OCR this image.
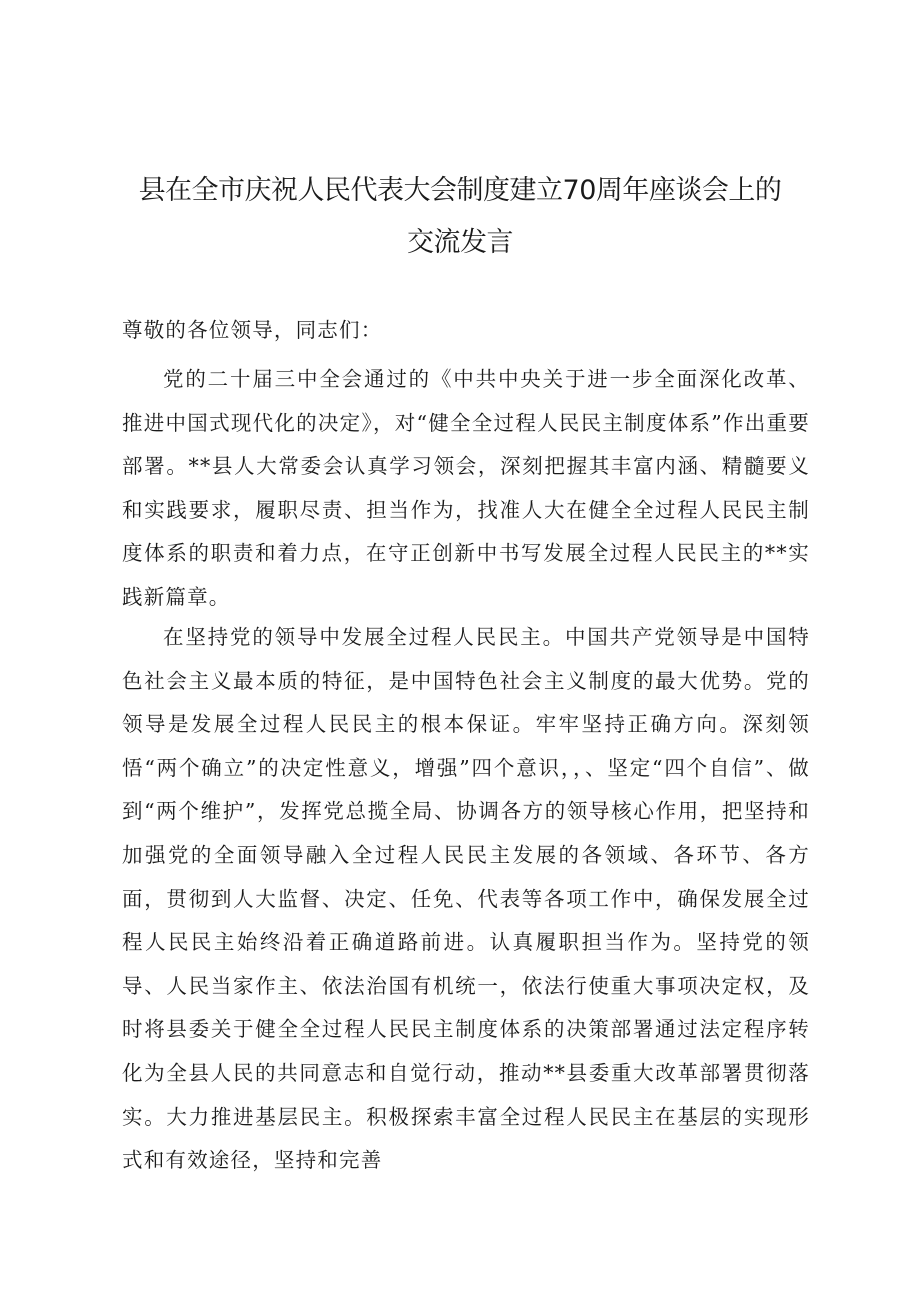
县在全市庆祝人民代表大会制度建立70周年座谈会上的
交流发言

尊敬的各位领导，同志们：

党的二十届三中全会通过的《中共中央关于进一步全面深化改革、推进中国式现代化的决定》，对“健全全过程人民民主制度体系”作出重要部署。**县人大常委会认真学习领会，深刻把握其丰富内涵、精髓要义和实践要求，履职尽责、担当作为，找准人大在健全全过程人民民主制度体系的职责和着力点，在守正创新中书写发展全过程人民民主的**实践新篇章。

在坚持党的领导中发展全过程人民民主。中国共产党领导是中国特色社会主义最本质的特征，是中国特色社会主义制度的最大优势。党的领导是发展全过程人民民主的根本保证。牢牢坚持正确方向。深刻领悟“两个确立”的决定性意义，增强”四个意识，，、坚定“四个自信”、做到“两个维护”，发挥党总揽全局、协调各方的领导核心作用，把坚持和加强党的全面领导融入全过程人民民主发展的各领域、各环节、各方面，贯彻到人大监督、决定、任免、代表等各项工作中，确保发展全过程人民民主始终沿着正确道路前进。认真履职担当作为。坚持党的领导、人民当家作主、依法治国有机统一，依法行使重大事项决定权，及时将县委关于健全全过程人民民主制度体系的决策部署通过法定程序转化为全县人民的共同意志和自觉行动，推动**县委重大改革部署贯彻落实。大力推进基层民主。积极探索丰富全过程人民民主在基层的实现形式和有效途径，坚持和完善
